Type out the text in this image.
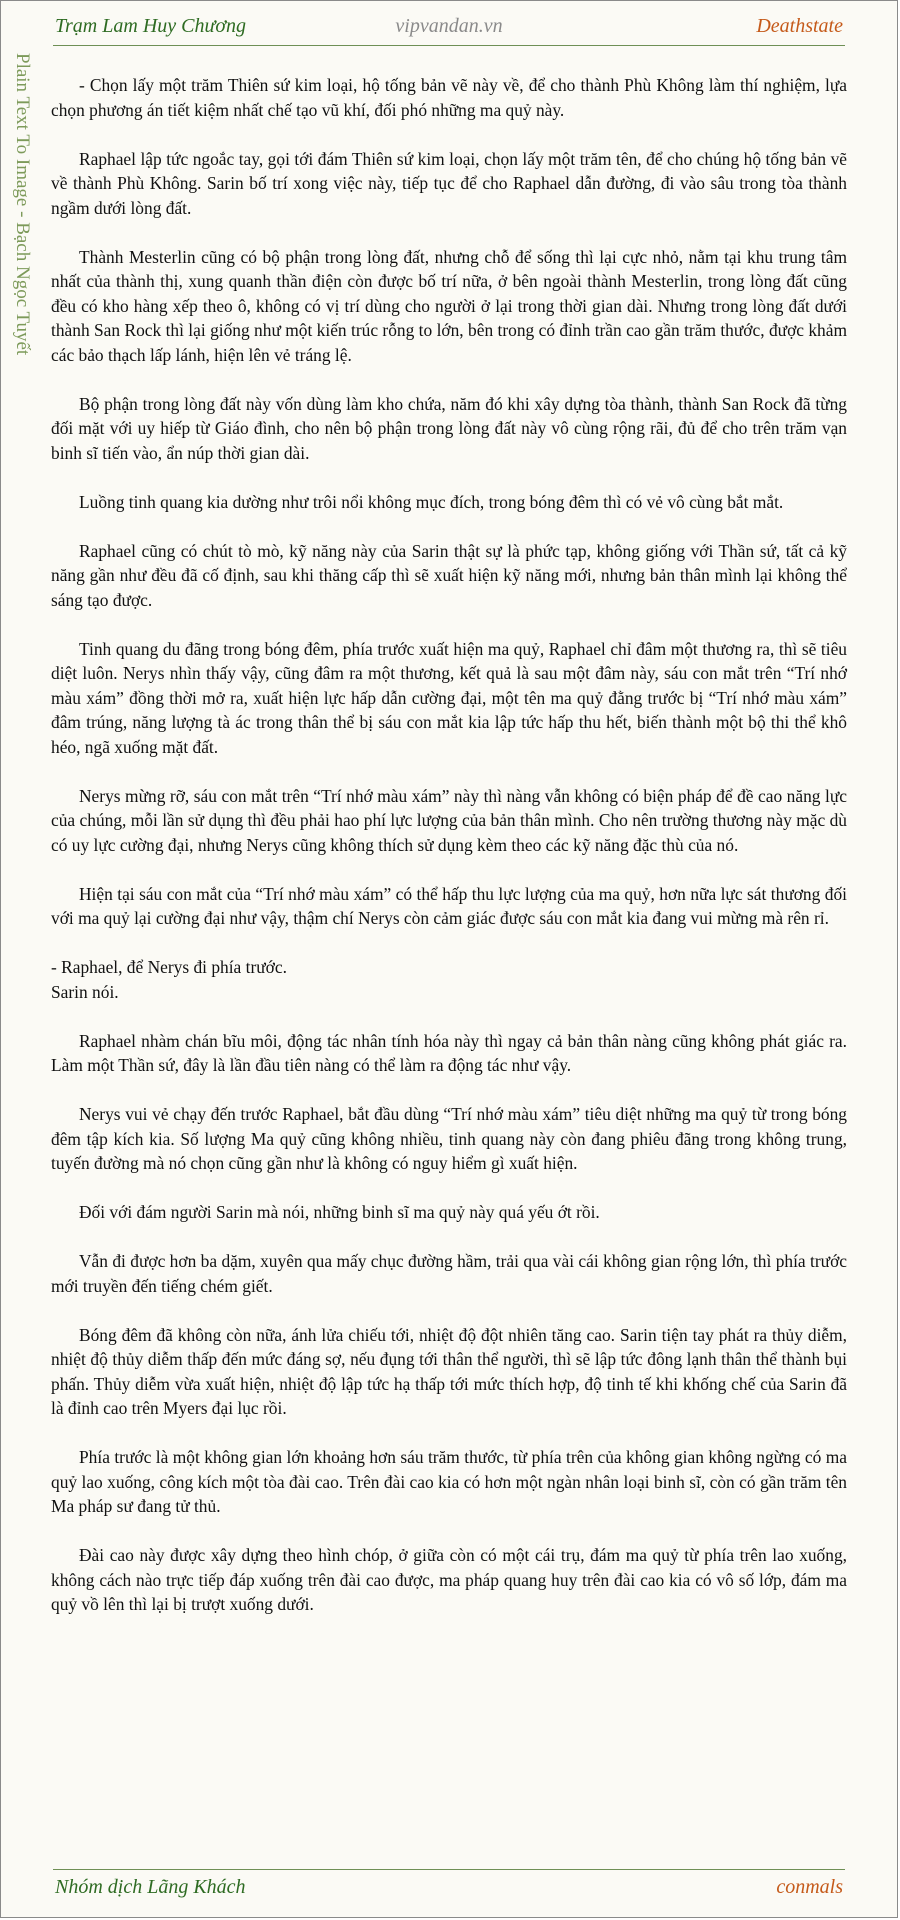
Trạm Lam Huy Chương	vipvandan.vn	Deathstate
Plain Text To Image - Bạch Ngọc Tuyết	- Chọn lấy một trăm Thiên sứ kim loại, hộ tống bản vẽ này về, để cho thành Phù Không làm thí nghiệm, lựa chọn phương án tiết kiệm nhất chế tạo vũ khí, đối phó những ma quỷ này.

Raphael lập tức ngoắc tay, gọi tới đám Thiên sứ kim loại, chọn lấy một trăm tên, để cho chúng hộ tống bản vẽ về thành Phù Không. Sarin bố trí xong việc này, tiếp tục để cho Raphael dẫn đường, đi vào sâu trong tòa thành ngầm dưới lòng đất.

Thành Mesterlin cũng có bộ phận trong lòng đất, nhưng chỗ để sống thì lại cực nhỏ, nằm tại khu trung tâm nhất của thành thị, xung quanh thần điện còn được bố trí nữa, ở bên ngoài thành Mesterlin, trong lòng đất cũng đều có kho hàng xếp theo ô, không có vị trí dùng cho người ở lại trong thời gian dài. Nhưng trong lòng đất dưới thành San Rock thì lại giống như một kiến trúc rỗng to lớn, bên trong có đỉnh trần cao gần trăm thước, được khảm các bảo thạch lấp lánh, hiện lên vẻ tráng lệ.

Bộ phận trong lòng đất này vốn dùng làm kho chứa, năm đó khi xây dựng tòa thành, thành San Rock đã từng đối mặt với uy hiếp từ Giáo đình, cho nên bộ phận trong lòng đất này vô cùng rộng rãi, đủ để cho trên trăm vạn binh sĩ tiến vào, ẩn núp thời gian dài.

Luồng tinh quang kia dường như trôi nổi không mục đích, trong bóng đêm thì có vẻ vô cùng bắt mắt.

Raphael cũng có chút tò mò, kỹ năng này của Sarin thật sự là phức tạp, không giống với Thần sứ, tất cả kỹ năng gần như đều đã cố định, sau khi thăng cấp thì sẽ xuất hiện kỹ năng mới, nhưng bản thân mình lại không thể sáng tạo được.

Tinh quang du đãng trong bóng đêm, phía trước xuất hiện ma quỷ, Raphael chỉ đâm một thương ra, thì sẽ tiêu diệt luôn. Nerys nhìn thấy vậy, cũng đâm ra một thương, kết quả là sau một đâm này, sáu con mắt trên “Trí nhớ màu xám” đồng thời mở ra, xuất hiện lực hấp dẫn cường đại, một tên ma quỷ đằng trước bị “Trí nhớ màu xám” đâm trúng, năng lượng tà ác trong thân thể bị sáu con mắt kia lập tức hấp thu hết, biến thành một bộ thi thể khô héo, ngã xuống mặt đất.

Nerys mừng rỡ, sáu con mắt trên “Trí nhớ màu xám” này thì nàng vẫn không có biện pháp để đề cao năng lực của chúng, mỗi lần sử dụng thì đều phải hao phí lực lượng của bản thân mình. Cho nên trường thương này mặc dù có uy lực cường đại, nhưng Nerys cũng không thích sử dụng kèm theo các kỹ năng đặc thù của nó.

Hiện tại sáu con mắt của “Trí nhớ màu xám” có thể hấp thu lực lượng của ma quỷ, hơn nữa lực sát thương đối với ma quỷ lại cường đại như vậy, thậm chí Nerys còn cảm giác được sáu con mắt kia đang vui mừng mà rên rỉ.

- Raphael, để Nerys đi phía trước.
Sarin nói.

Raphael nhàm chán bĩu môi, động tác nhân tính hóa này thì ngay cả bản thân nàng cũng không phát giác ra. Làm một Thần sứ, đây là lần đầu tiên nàng có thể làm ra động tác như vậy.

Nerys vui vẻ chạy đến trước Raphael, bắt đầu dùng “Trí nhớ màu xám” tiêu diệt những ma quỷ từ trong bóng đêm tập kích kia. Số lượng Ma quỷ cũng không nhiều, tinh quang này còn đang phiêu đãng trong không trung, tuyến đường mà nó chọn cũng gần như là không có nguy hiểm gì xuất hiện.

Đối với đám người Sarin mà nói, những binh sĩ ma quỷ này quá yếu ớt rồi.

Vẫn đi được hơn ba dặm, xuyên qua mấy chục đường hầm, trải qua vài cái không gian rộng lớn, thì phía trước mới truyền đến tiếng chém giết.

Bóng đêm đã không còn nữa, ánh lửa chiếu tới, nhiệt độ đột nhiên tăng cao. Sarin tiện tay phát ra thủy diễm, nhiệt độ thủy diễm thấp đến mức đáng sợ, nếu đụng tới thân thể người, thì sẽ lập tức đông lạnh thân thể thành bụi phấn. Thủy diễm vừa xuất hiện, nhiệt độ lập tức hạ thấp tới mức thích hợp, độ tinh tế khi khống chế của Sarin đã là đỉnh cao trên Myers đại lục rồi.

Phía trước là một không gian lớn khoảng hơn sáu trăm thước, từ phía trên của không gian không ngừng có ma quỷ lao xuống, công kích một tòa đài cao. Trên đài cao kia có hơn một ngàn nhân loại binh sĩ, còn có gần trăm tên Ma pháp sư đang tử thủ.

Đài cao này được xây dựng theo hình chóp, ở giữa còn có một cái trụ, đám ma quỷ từ phía trên lao xuống, không cách nào trực tiếp đáp xuống trên đài cao được, ma pháp quang huy trên đài cao kia có vô số lớp, đám ma quỷ vồ lên thì lại bị trượt xuống dưới.

Nhóm dịch Lãng Khách	conmals
